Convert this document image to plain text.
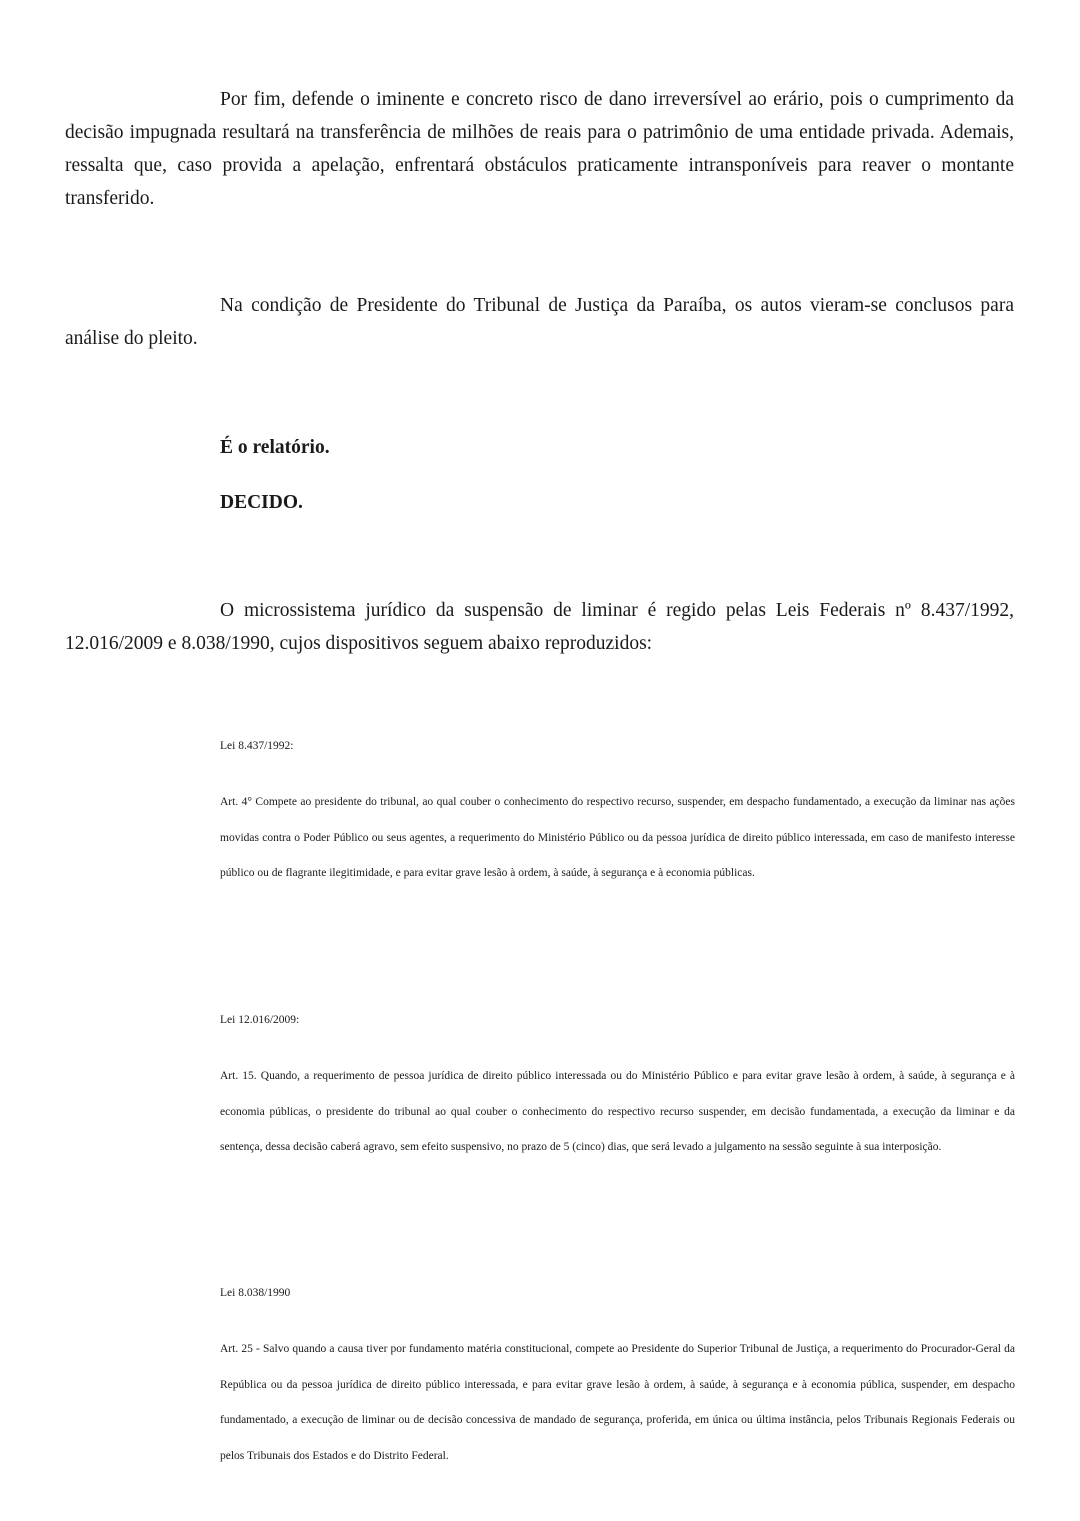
Por fim, defende o iminente e concreto risco de dano irreversível ao erário, pois o cumprimento da decisão impugnada resultará na transferência de milhões de reais para o patrimônio de uma entidade privada. Ademais, ressalta que, caso provida a apelação, enfrentará obstáculos praticamente intransponíveis para reaver o montante transferido.

Na condição de Presidente do Tribunal de Justiça da Paraíba, os autos vieram-se conclusos para análise do pleito.

É o relatório.

DECIDO.

O microssistema jurídico da suspensão de liminar é regido pelas Leis Federais nº 8.437/1992, 12.016/2009 e 8.038/1990, cujos dispositivos seguem abaixo reproduzidos:

Lei 8.437/1992:

Art. 4° Compete ao presidente do tribunal, ao qual couber o conhecimento do respectivo recurso, suspender, em despacho fundamentado, a execução da liminar nas ações movidas contra o Poder Público ou seus agentes, a requerimento do Ministério Público ou da pessoa jurídica de direito público interessada, em caso de manifesto interesse público ou de flagrante ilegitimidade, e para evitar grave lesão à ordem, à saúde, à segurança e à economia públicas.

Lei 12.016/2009:

Art. 15. Quando, a requerimento de pessoa jurídica de direito público interessada ou do Ministério Público e para evitar grave lesão à ordem, à saúde, à segurança e à economia públicas, o presidente do tribunal ao qual couber o conhecimento do respectivo recurso suspender, em decisão fundamentada, a execução da liminar e da sentença, dessa decisão caberá agravo, sem efeito suspensivo, no prazo de 5 (cinco) dias, que será levado a julgamento na sessão seguinte à sua interposição.

Lei 8.038/1990

Art. 25 - Salvo quando a causa tiver por fundamento matéria constitucional, compete ao Presidente do Superior Tribunal de Justiça, a requerimento do Procurador-Geral da República ou da pessoa jurídica de direito público interessada, e para evitar grave lesão à ordem, à saúde, à segurança e à economia pública, suspender, em despacho fundamentado, a execução de liminar ou de decisão concessiva de mandado de segurança, proferida, em única ou última instância, pelos Tribunais Regionais Federais ou pelos Tribunais dos Estados e do Distrito Federal.
